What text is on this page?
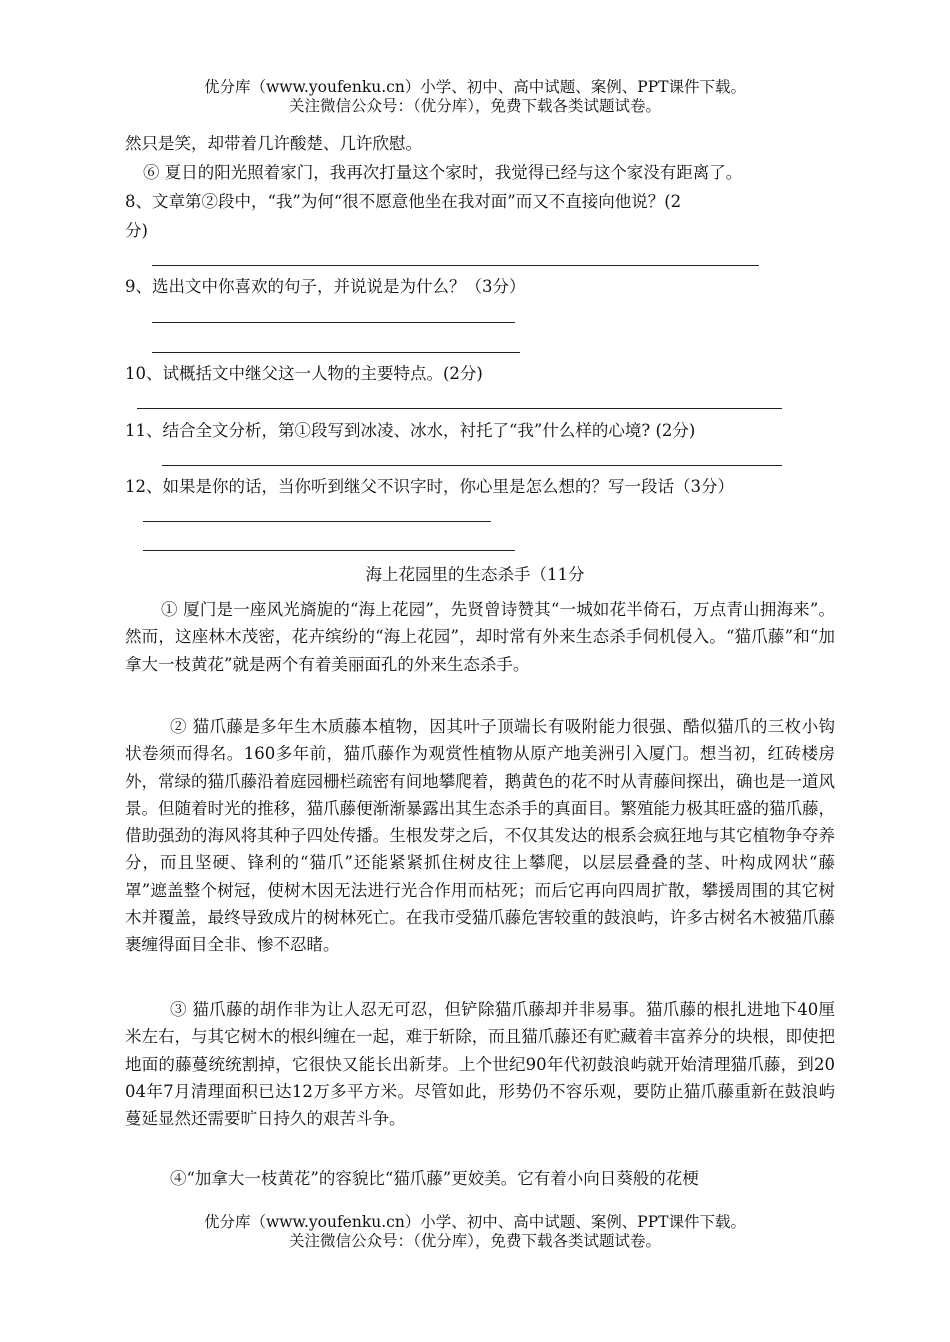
优分库（www.youfenku.cn）小学、初中、高中试题、案例、PPT课件下载。
关注微信公众号：（优分库），免费下载各类试题试卷。
然只是笑，却带着几许酸楚、几许欣慰。
⑥ 夏日的阳光照着家门，我再次打量这个家时，我觉得已经与这个家没有距离了。
8、文章第②段中，“我”为何“很不愿意他坐在我对面”而又不直接向他说？(2
分)
9、选出文中你喜欢的句子，并说说是为什么？（3分）
10、试概括文中继父这一人物的主要特点。(2分)
11、结合全文分析，第①段写到冰凌、冰水，衬托了“我”什么样的心境? (2分)
12、如果是你的话，当你听到继父不识字时，你心里是怎么想的？写一段话（3分）
海上花园里的生态杀手（11分
① 厦门是一座风光旖旎的“海上花园”，先贤曾诗赞其“一城如花半倚石，万点青山拥海来”。然而，这座林木茂密，花卉缤纷的“海上花园”，却时常有外来生态杀手伺机侵入。“猫爪藤”和“加拿大一枝黄花”就是两个有着美丽面孔的外来生态杀手。
② 猫爪藤是多年生木质藤本植物，因其叶子顶端长有吸附能力很强、酷似猫爪的三枚小钩状卷须而得名。160多年前，猫爪藤作为观赏性植物从原产地美洲引入厦门。想当初，红砖楼房外，常绿的猫爪藤沿着庭园栅栏疏密有间地攀爬着，鹅黄色的花不时从青藤间探出，确也是一道风景。但随着时光的推移，猫爪藤便渐渐暴露出其生态杀手的真面目。繁殖能力极其旺盛的猫爪藤，借助强劲的海风将其种子四处传播。生根发芽之后，不仅其发达的根系会疯狂地与其它植物争夺养分，而且坚硬、锋利的“猫爪”还能紧紧抓住树皮往上攀爬，以层层叠叠的茎、叶构成网状“藤罩”遮盖整个树冠，使树木因无法进行光合作用而枯死；而后它再向四周扩散，攀援周围的其它树木并覆盖，最终导致成片的树林死亡。在我市受猫爪藤危害较重的鼓浪屿，许多古树名木被猫爪藤裹缠得面目全非、惨不忍睹。
③ 猫爪藤的胡作非为让人忍无可忍，但铲除猫爪藤却并非易事。猫爪藤的根扎进地下40厘米左右，与其它树木的根纠缠在一起，难于斩除，而且猫爪藤还有贮藏着丰富养分的块根，即使把地面的藤蔓统统割掉，它很快又能长出新芽。上个世纪90年代初鼓浪屿就开始清理猫爪藤，到2004年7月清理面积已达12万多平方米。尽管如此，形势仍不容乐观，要防止猫爪藤重新在鼓浪屿蔓延显然还需要旷日持久的艰苦斗争。
④“加拿大一枝黄花”的容貌比“猫爪藤”更姣美。它有着小向日葵般的花梗
优分库（www.youfenku.cn）小学、初中、高中试题、案例、PPT课件下载。
关注微信公众号：（优分库），免费下载各类试题试卷。
